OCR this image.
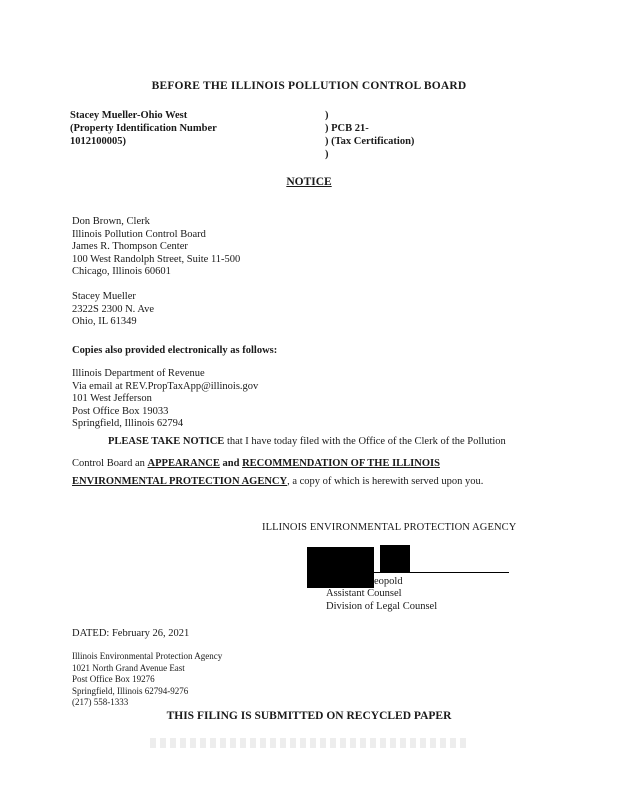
BEFORE THE ILLINOIS POLLUTION CONTROL BOARD
Stacey Mueller-Ohio West
(Property Identification Number
1012100005)
)
) PCB 21-
) (Tax Certification)
)
NOTICE
Don Brown, Clerk
Illinois Pollution Control Board
James R. Thompson Center
100 West Randolph Street, Suite 11-500
Chicago, Illinois 60601
Stacey Mueller
2322S 2300 N. Ave
Ohio, IL 61349
Copies also provided electronically as follows:
Illinois Department of Revenue
Via email at REV.PropTaxApp@illinois.gov
101 West Jefferson
Post Office Box 19033
Springfield, Illinois 62794
PLEASE TAKE NOTICE that I have today filed with the Office of the Clerk of the Pollution
Control Board an APPEARANCE and RECOMMENDATION OF THE ILLINOIS
ENVIRONMENTAL PROTECTION AGENCY, a copy of which is herewith served upon you.
ILLINOIS ENVIRONMENTAL PROTECTION AGENCY
eopold
Assistant Counsel
Division of Legal Counsel
DATED: February 26, 2021
Illinois Environmental Protection Agency
1021 North Grand Avenue East
Post Office Box 19276
Springfield, Illinois 62794-9276
(217) 558-1333
THIS FILING IS SUBMITTED ON RECYCLED PAPER
